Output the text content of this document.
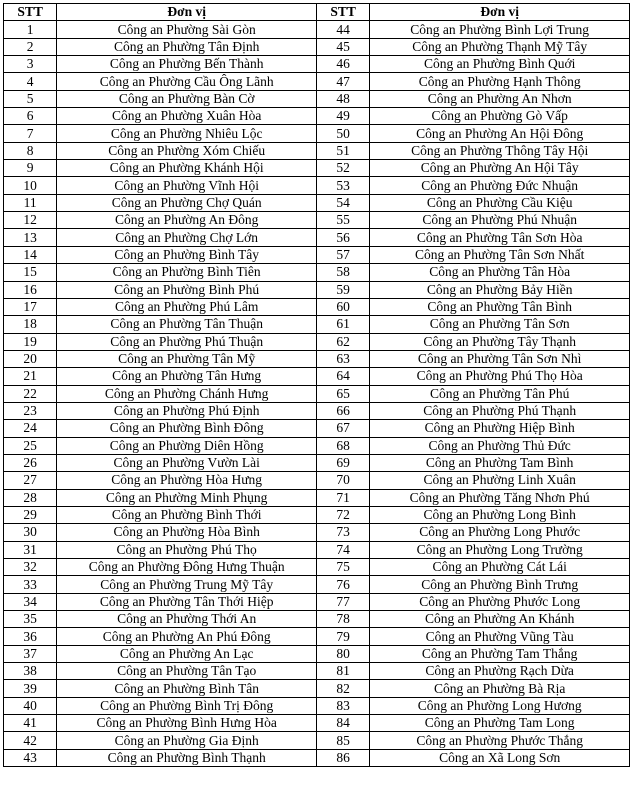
STT	Đơn vị	STT	Đơn vị
1	Công an Phường Sài Gòn	44	Công an Phường Bình Lợi Trung
2	Công an Phường Tân Định	45	Công an Phường Thạnh Mỹ Tây
3	Công an Phường Bến Thành	46	Công an Phường Bình Quới
4	Công an Phường Cầu Ông Lãnh	47	Công an Phường Hạnh Thông
5	Công an Phường Bàn Cờ	48	Công an Phường An Nhơn
6	Công an Phường Xuân Hòa	49	Công an Phường Gò Vấp
7	Công an Phường Nhiêu Lộc	50	Công an Phường An Hội Đông
8	Công an Phường Xóm Chiếu	51	Công an Phường Thông Tây Hội
9	Công an Phường Khánh Hội	52	Công an Phường An Hội Tây
10	Công an Phường Vĩnh Hội	53	Công an Phường Đức Nhuận
11	Công an Phường Chợ Quán	54	Công an Phường Cầu Kiệu
12	Công an Phường An Đông	55	Công an Phường Phú Nhuận
13	Công an Phường Chợ Lớn	56	Công an Phường Tân Sơn Hòa
14	Công an Phường Bình Tây	57	Công an Phường Tân Sơn Nhất
15	Công an Phường Bình Tiên	58	Công an Phường Tân Hòa
16	Công an Phường Bình Phú	59	Công an Phường Bảy Hiền
17	Công an Phường Phú Lâm	60	Công an Phường Tân Bình
18	Công an Phường Tân Thuận	61	Công an Phường Tân Sơn
19	Công an Phường Phú Thuận	62	Công an Phường Tây Thạnh
20	Công an Phường Tân Mỹ	63	Công an Phường Tân Sơn Nhì
21	Công an Phường Tân Hưng	64	Công an Phường Phú Thọ Hòa
22	Công an Phường Chánh Hưng	65	Công an Phường Tân Phú
23	Công an Phường Phú Định	66	Công an Phường Phú Thạnh
24	Công an Phường Bình Đông	67	Công an Phường Hiệp Bình
25	Công an Phường Diên Hồng	68	Công an Phường Thủ Đức
26	Công an Phường Vườn Lài	69	Công an Phường Tam Bình
27	Công an Phường Hòa Hưng	70	Công an Phường Linh Xuân
28	Công an Phường Minh Phụng	71	Công an Phường Tăng Nhơn Phú
29	Công an Phường Bình Thới	72	Công an Phường Long Bình
30	Công an Phường Hòa Bình	73	Công an Phường Long Phước
31	Công an Phường Phú Thọ	74	Công an Phường Long Trường
32	Công an Phường Đông Hưng Thuận	75	Công an Phường Cát Lái
33	Công an Phường Trung Mỹ Tây	76	Công an Phường Bình Trưng
34	Công an Phường Tân Thới Hiệp	77	Công an Phường Phước Long
35	Công an Phường Thới An	78	Công an Phường An Khánh
36	Công an Phường An Phú Đông	79	Công an Phường Vũng Tàu
37	Công an Phường An Lạc	80	Công an Phường Tam Thắng
38	Công an Phường Tân Tạo	81	Công an Phường Rạch Dừa
39	Công an Phường Bình Tân	82	Công an Phường Bà Rịa
40	Công an Phường Bình Trị Đông	83	Công an Phường Long Hương
41	Công an Phường Bình Hưng Hòa	84	Công an Phường Tam Long
42	Công an Phường Gia Định	85	Công an Phường Phước Thắng
43	Công an Phường Bình Thạnh	86	Công an Xã Long Sơn
